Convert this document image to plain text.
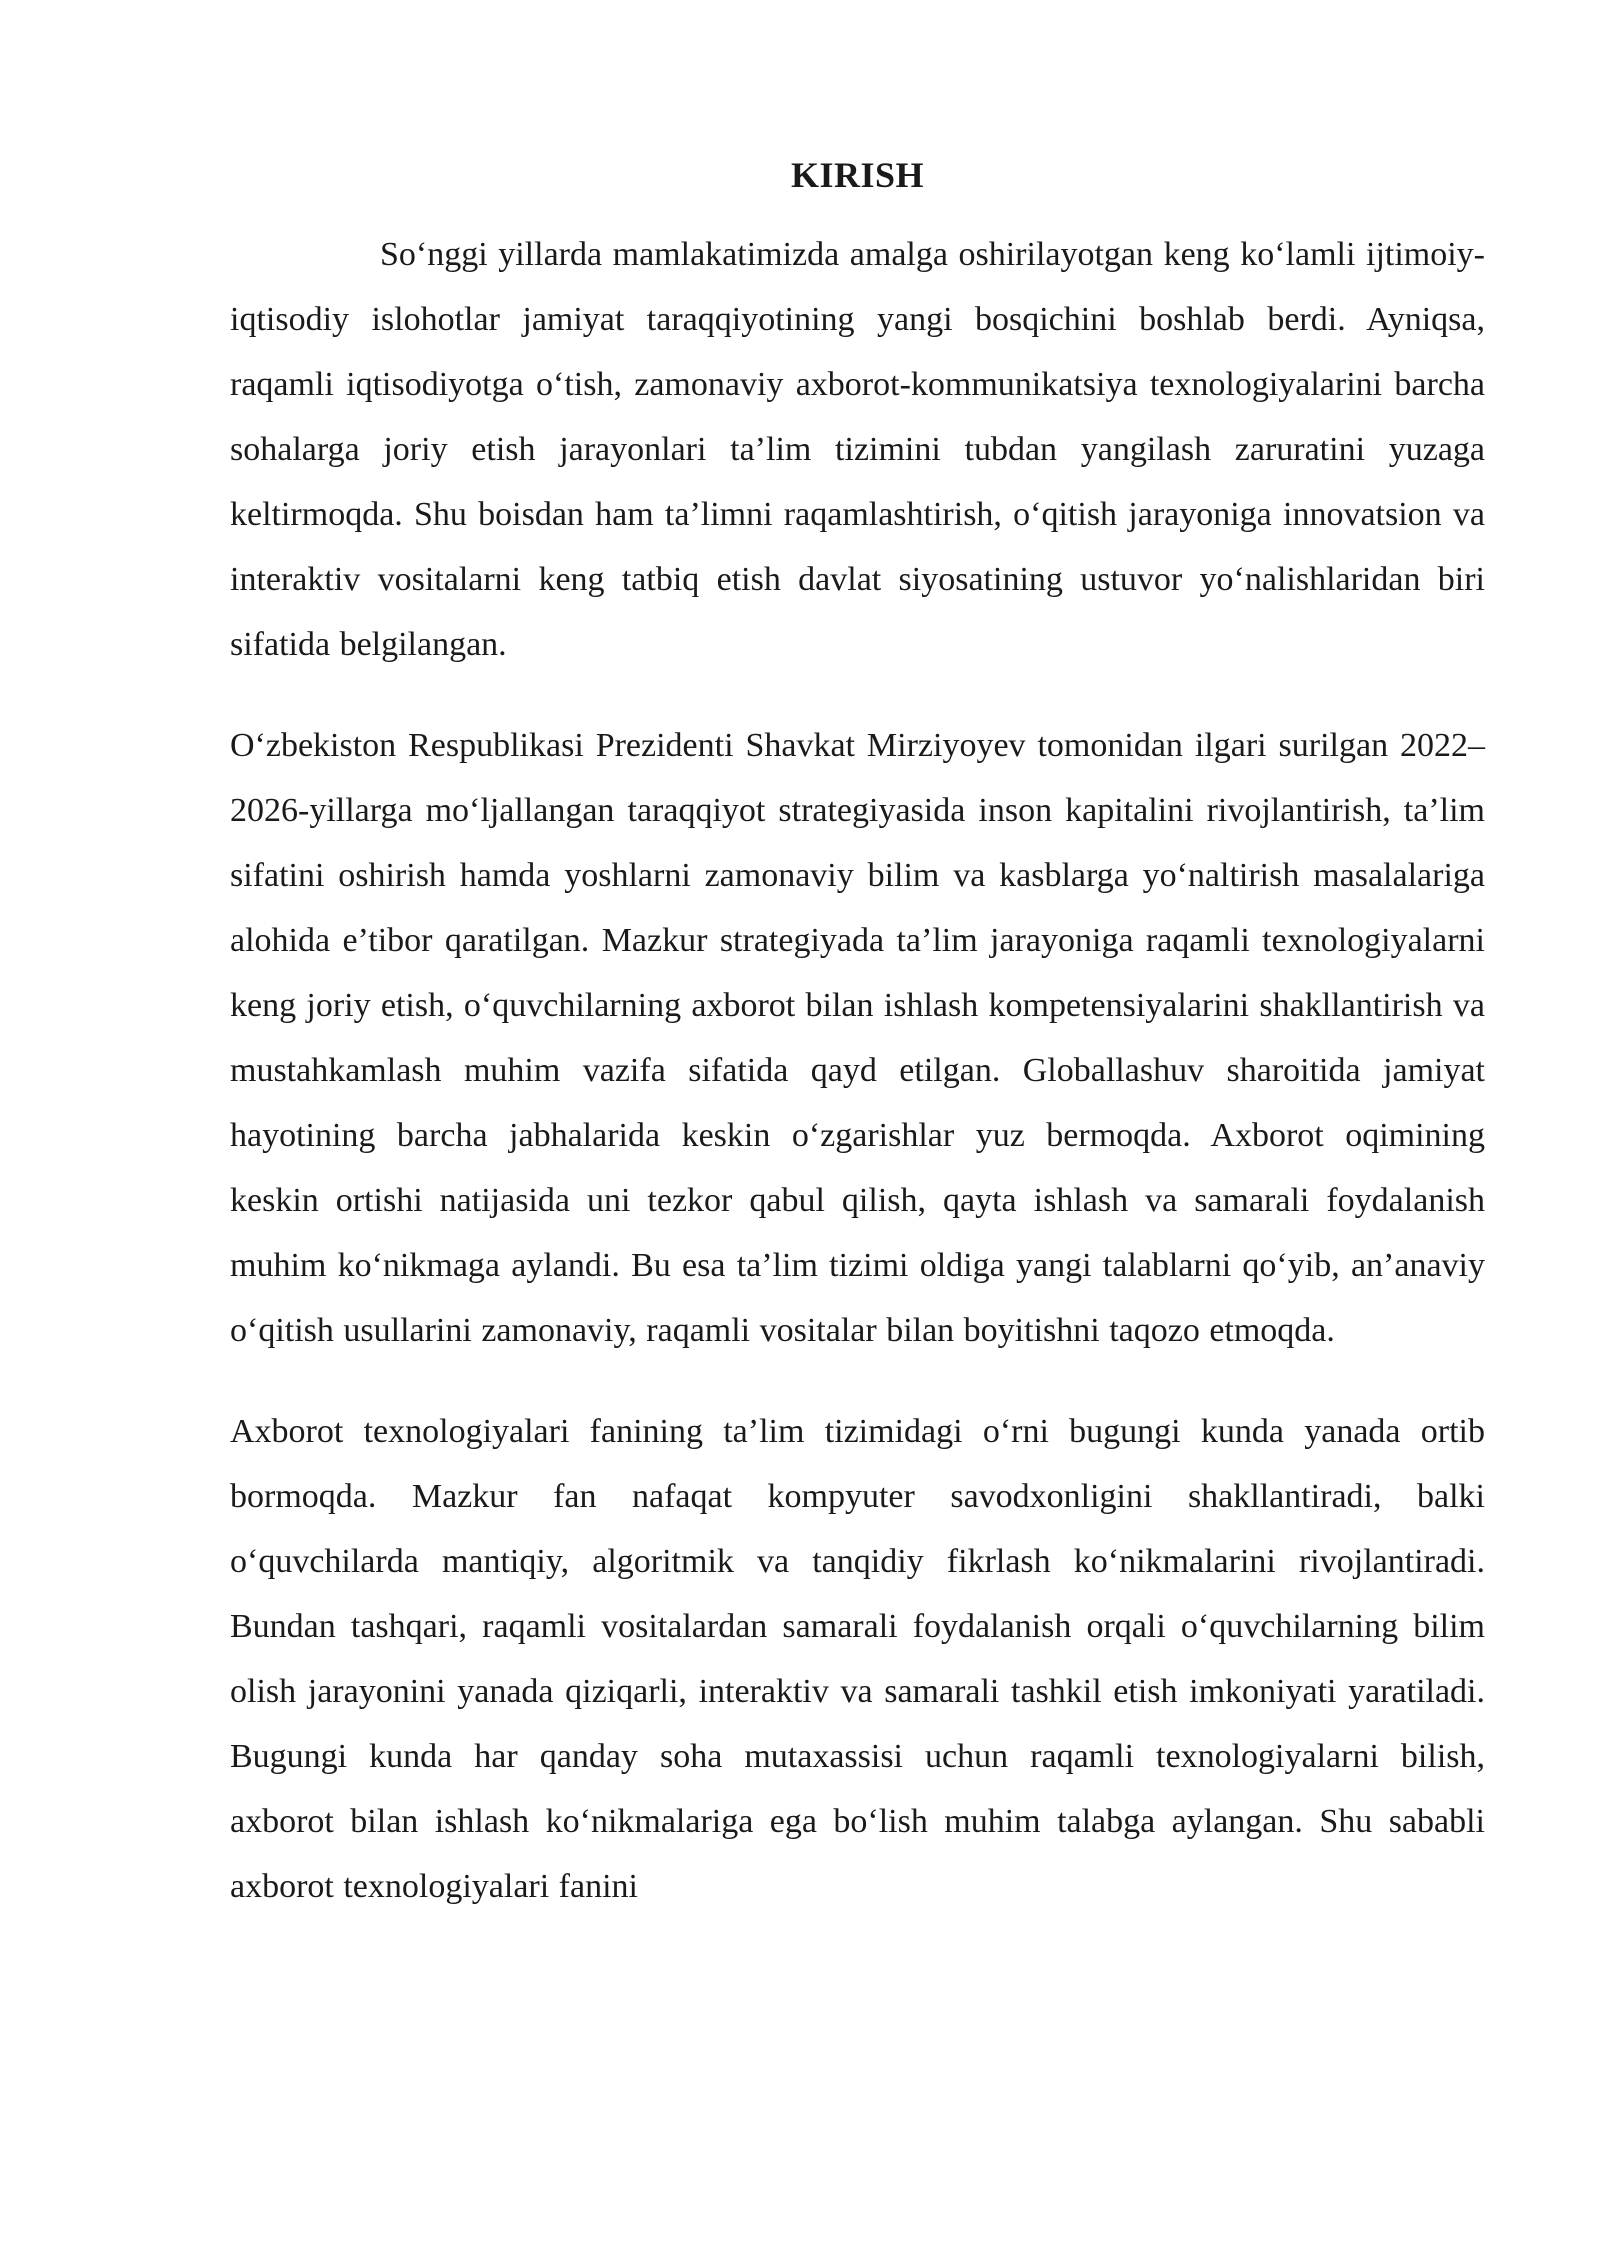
KIRISH

So‘nggi yillarda mamlakatimizda amalga oshirilayotgan keng ko‘lamli ijtimoiy-iqtisodiy islohotlar jamiyat taraqqiyotining yangi bosqichini boshlab berdi. Ayniqsa, raqamli iqtisodiyotga o‘tish, zamonaviy axborot-kommunikatsiya texnologiyalarini barcha sohalarga joriy etish jarayonlari ta’lim tizimini tubdan yangilash zaruratini yuzaga keltirmoqda. Shu boisdan ham ta’limni raqamlashtirish, o‘qitish jarayoniga innovatsion va interaktiv vositalarni keng tatbiq etish davlat siyosatining ustuvor yo‘nalishlaridan biri sifatida belgilangan.

O‘zbekiston Respublikasi Prezidenti Shavkat Mirziyoyev tomonidan ilgari surilgan 2022–2026-yillarga mo‘ljallangan taraqqiyot strategiyasida inson kapitalini rivojlantirish, ta’lim sifatini oshirish hamda yoshlarni zamonaviy bilim va kasblarga yo‘naltirish masalalariga alohida e’tibor qaratilgan. Mazkur strategiyada ta’lim jarayoniga raqamli texnologiyalarni keng joriy etish, o‘quvchilarning axborot bilan ishlash kompetensiyalarini shakllantirish va mustahkamlash muhim vazifa sifatida qayd etilgan. Globallashuv sharoitida jamiyat hayotining barcha jabhalarida keskin o‘zgarishlar yuz bermoqda. Axborot oqimining keskin ortishi natijasida uni tezkor qabul qilish, qayta ishlash va samarali foydalanish muhim ko‘nikmaga aylandi. Bu esa ta’lim tizimi oldiga yangi talablarni qo‘yib, an’anaviy o‘qitish usullarini zamonaviy, raqamli vositalar bilan boyitishni taqozo etmoqda.

Axborot texnologiyalari fanining ta’lim tizimidagi o‘rni bugungi kunda yanada ortib bormoqda. Mazkur fan nafaqat kompyuter savodxonligini shakllantiradi, balki o‘quvchilarda mantiqiy, algoritmik va tanqidiy fikrlash ko‘nikmalarini rivojlantiradi. Bundan tashqari, raqamli vositalardan samarali foydalanish orqali o‘quvchilarning bilim olish jarayonini yanada qiziqarli, interaktiv va samarali tashkil etish imkoniyati yaratiladi. Bugungi kunda har qanday soha mutaxassisi uchun raqamli texnologiyalarni bilish, axborot bilan ishlash ko‘nikmalariga ega bo‘lish muhim talabga aylangan. Shu sababli axborot texnologiyalari fanini
